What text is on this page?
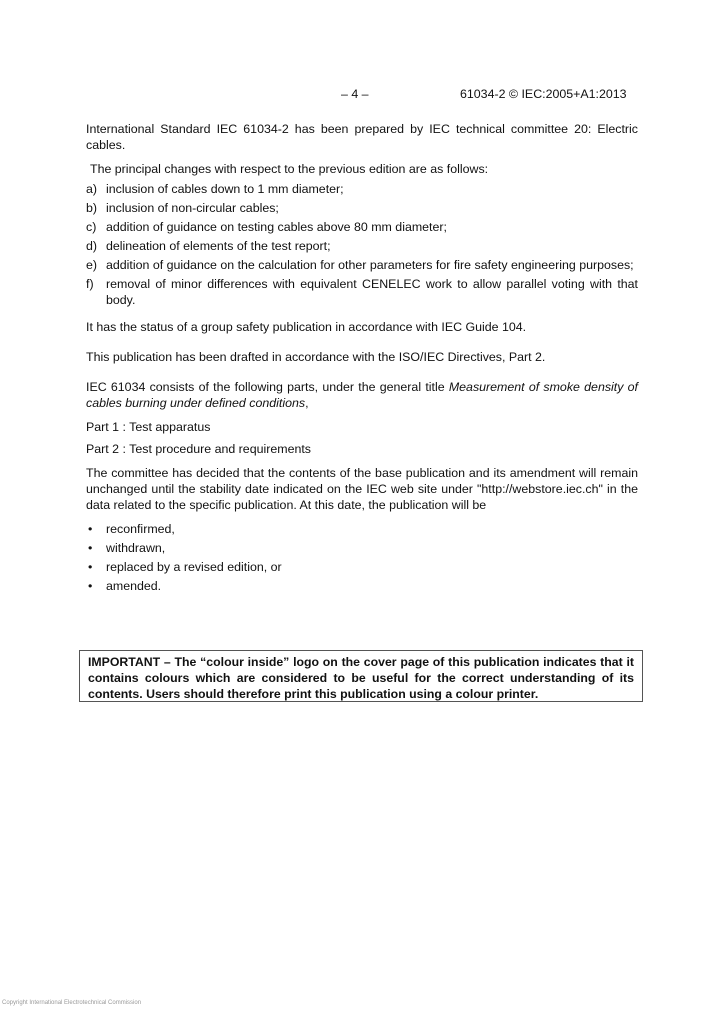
– 4 –	61034-2 © IEC:2005+A1:2013

International Standard IEC 61034-2 has been prepared by IEC technical committee 20: Electric cables.

The principal changes with respect to the previous edition are as follows:

a) inclusion of cables down to 1 mm diameter;
b) inclusion of non-circular cables;
c) addition of guidance on testing cables above 80 mm diameter;
d) delineation of elements of the test report;
e) addition of guidance on the calculation for other parameters for fire safety engineering purposes;
f) removal of minor differences with equivalent CENELEC work to allow parallel voting with that body.

It has the status of a group safety publication in accordance with IEC Guide 104.

This publication has been drafted in accordance with the ISO/IEC Directives, Part 2.

IEC 61034 consists of the following parts, under the general title Measurement of smoke density of cables burning under defined conditions,

Part 1 : Test apparatus

Part 2 : Test procedure and requirements

The committee has decided that the contents of the base publication and its amendment will remain unchanged until the stability date indicated on the IEC web site under "http://webstore.iec.ch" in the data related to the specific publication. At this date, the publication will be

• reconfirmed,
• withdrawn,
• replaced by a revised edition, or
• amended.
IMPORTANT – The “colour inside” logo on the cover page of this publication indicates that it contains colours which are considered to be useful for the correct understanding of its contents. Users should therefore print this publication using a colour printer.
Copyright International Electrotechnical Commission
